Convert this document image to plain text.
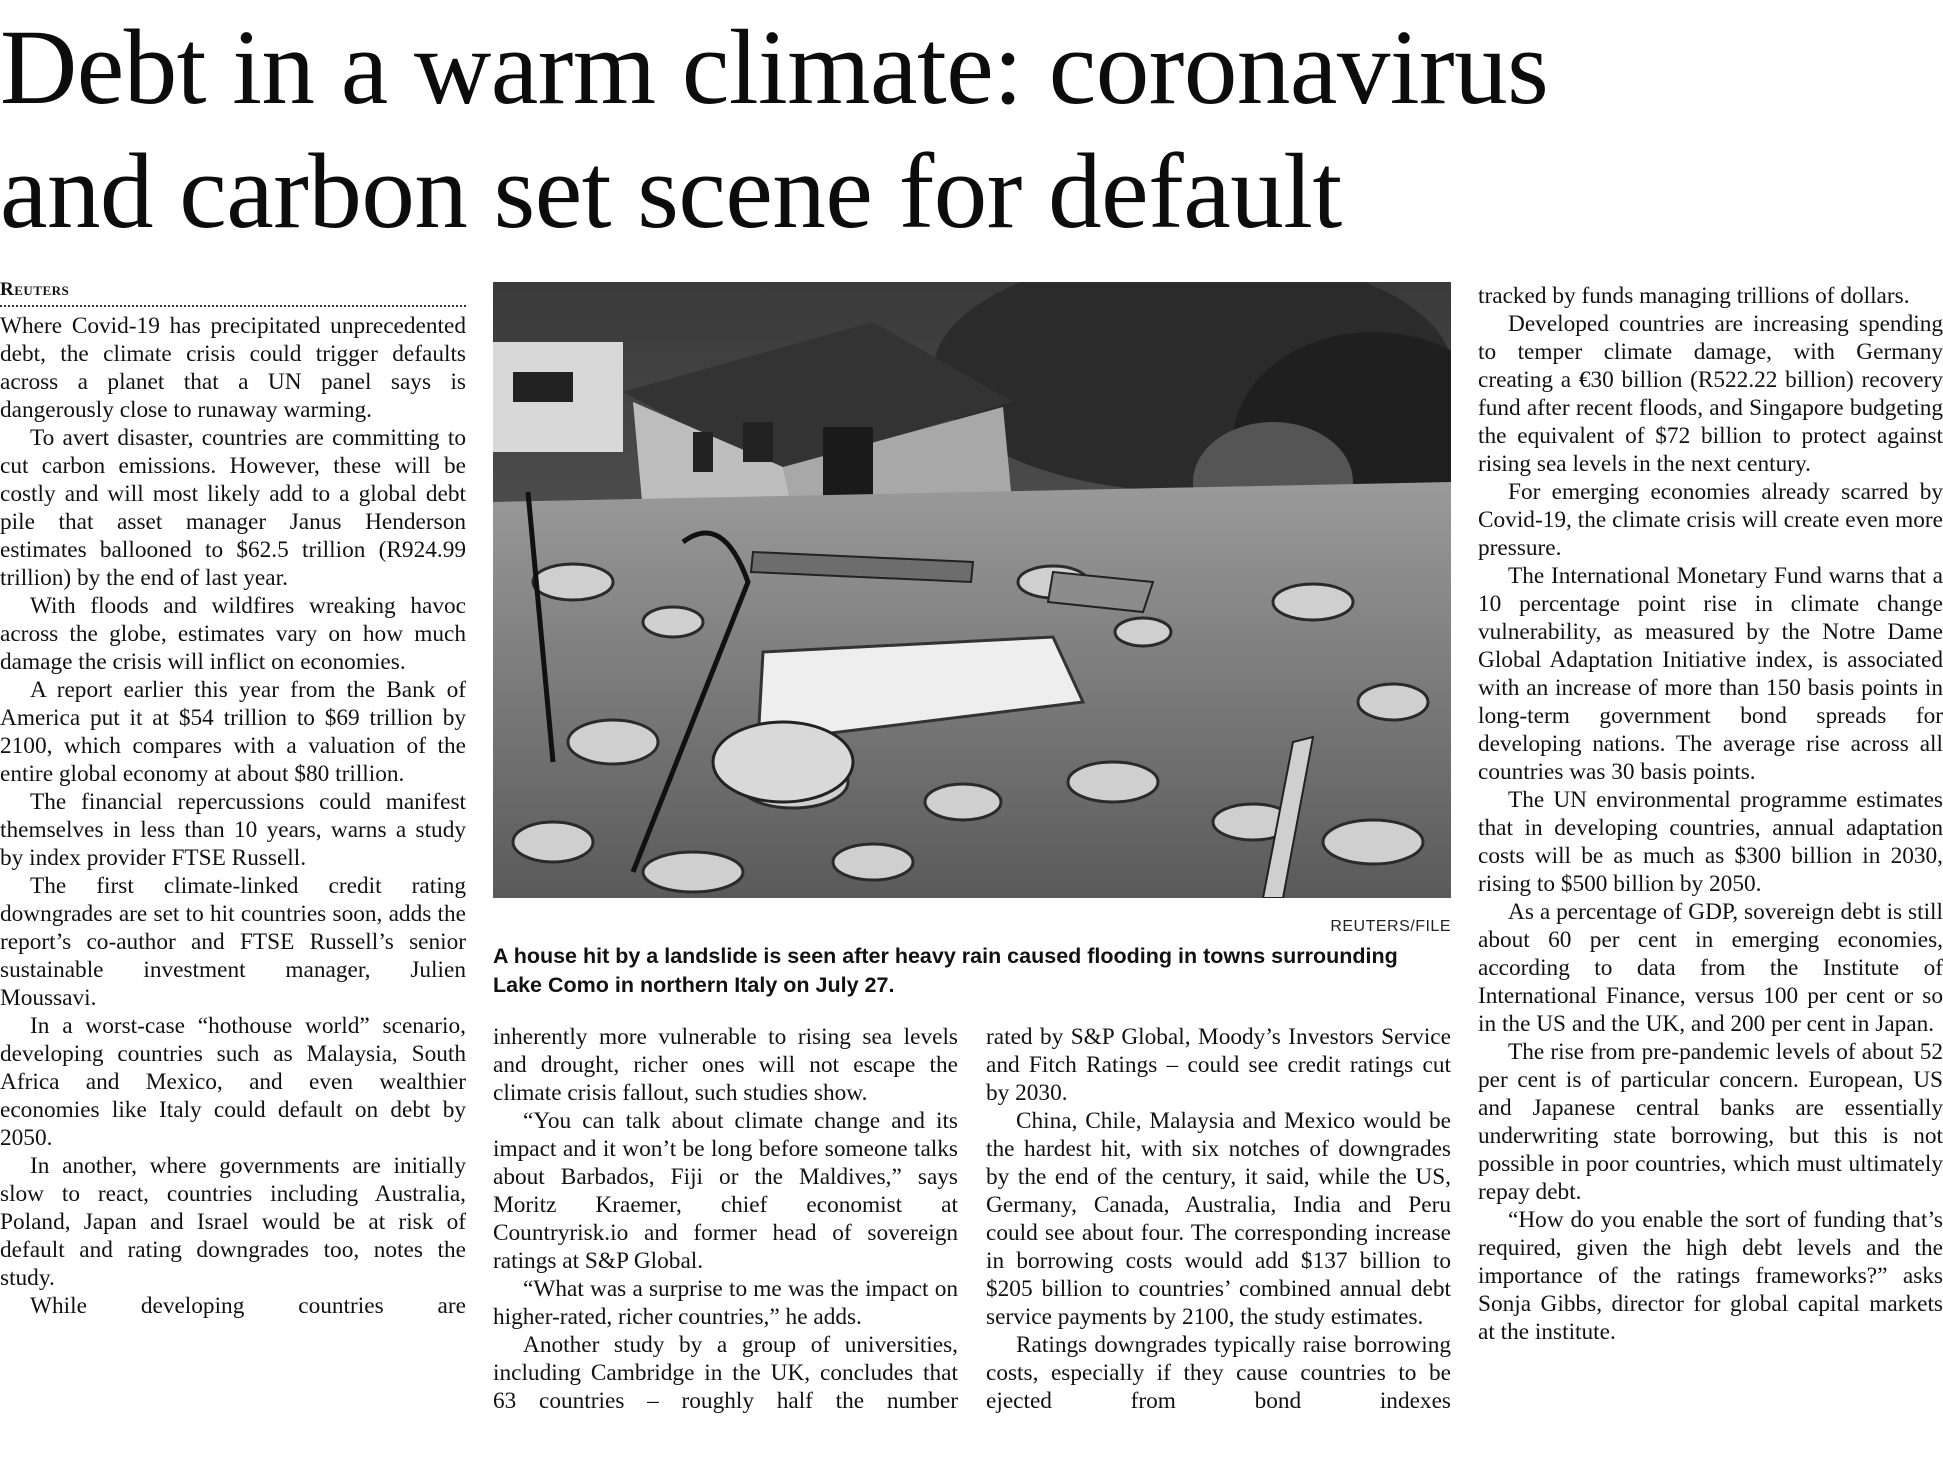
Debt in a warm climate: coronavirus
and carbon set scene for default
Reuters

Where Covid-19 has precipitated unprecedented debt, the climate crisis could trigger defaults across a planet that a UN panel says is dangerously close to runaway warming.

To avert disaster, countries are committing to cut carbon emissions. However, these will be costly and will most likely add to a global debt pile that asset manager Janus Henderson estimates ballooned to $62.5 trillion (R924.99 trillion) by the end of last year.

With floods and wildfires wreaking havoc across the globe, estimates vary on how much damage the crisis will inflict on economies.

A report earlier this year from the Bank of America put it at $54 trillion to $69 trillion by 2100, which compares with a valuation of the entire global economy at about $80 trillion.

The financial repercussions could manifest themselves in less than 10 years, warns a study by index provider FTSE Russell.

The first climate-linked credit rating downgrades are set to hit countries soon, adds the report’s co-author and FTSE Russell’s senior sustainable investment manager, Julien Moussavi.

In a worst-case “hothouse world” scenario, developing countries such as Malaysia, South Africa and Mexico, and even wealthier economies like Italy could default on debt by 2050.

In another, where governments are initially slow to react, countries including Australia, Poland, Japan and Israel would be at risk of default and rating downgrades too, notes the study.

While developing countries are

REUTERS/FILE
A house hit by a landslide is seen after heavy rain caused flooding in towns surrounding Lake Como in northern Italy on July 27.

inherently more vulnerable to rising sea levels and drought, richer ones will not escape the climate crisis fallout, such studies show.

“You can talk about climate change and its impact and it won’t be long before someone talks about Barbados, Fiji or the Maldives,” says Moritz Kraemer, chief economist at Countryrisk.io and former head of sovereign ratings at S&P Global.

“What was a surprise to me was the impact on higher-rated, richer countries,” he adds.

Another study by a group of universities, including Cambridge in the UK, concludes that 63 countries – roughly half the number

rated by S&P Global, Moody’s Investors Service and Fitch Ratings – could see credit ratings cut by 2030.

China, Chile, Malaysia and Mexico would be the hardest hit, with six notches of downgrades by the end of the century, it said, while the US, Germany, Canada, Australia, India and Peru could see about four. The corresponding increase in borrowing costs would add $137 billion to $205 billion to countries’ combined annual debt service payments by 2100, the study estimates.

Ratings downgrades typically raise borrowing costs, especially if they cause countries to be ejected from bond indexes

tracked by funds managing trillions of dollars.

Developed countries are increasing spending to temper climate damage, with Germany creating a €30 billion (R522.22 billion) recovery fund after recent floods, and Singapore budgeting the equivalent of $72 billion to protect against rising sea levels in the next century.

For emerging economies already scarred by Covid-19, the climate crisis will create even more pressure.

The International Monetary Fund warns that a 10 percentage point rise in climate change vulnerability, as measured by the Notre Dame Global Adaptation Initiative index, is associated with an increase of more than 150 basis points in long-term government bond spreads for developing nations. The average rise across all countries was 30 basis points.

The UN environmental programme estimates that in developing countries, annual adaptation costs will be as much as $300 billion in 2030, rising to $500 billion by 2050.

As a percentage of GDP, sovereign debt is still about 60 per cent in emerging economies, according to data from the Institute of International Finance, versus 100 per cent or so in the US and the UK, and 200 per cent in Japan.

The rise from pre-pandemic levels of about 52 per cent is of particular concern. European, US and Japanese central banks are essentially underwriting state borrowing, but this is not possible in poor countries, which must ultimately repay debt.

“How do you enable the sort of funding that’s required, given the high debt levels and the importance of the ratings frameworks?” asks Sonja Gibbs, director for global capital markets at the institute.
